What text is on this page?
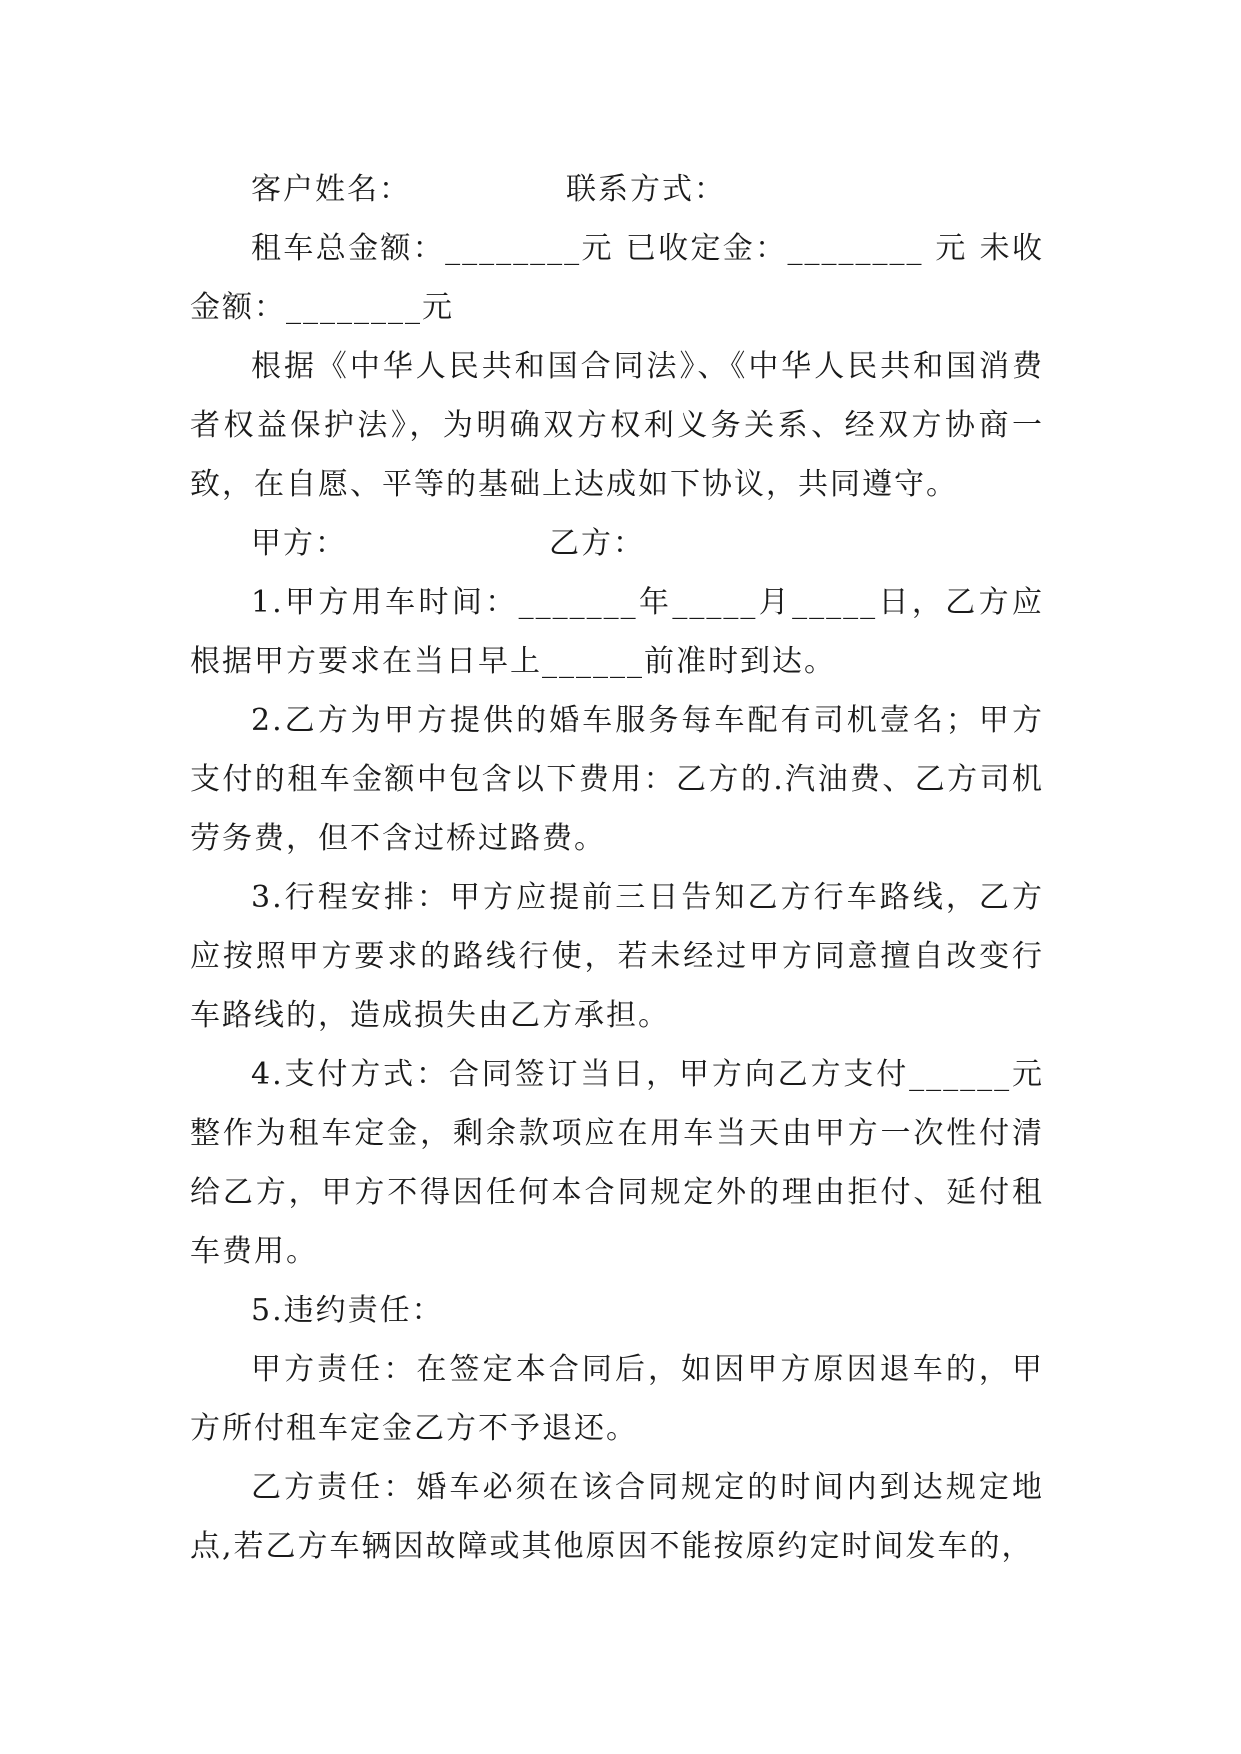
客户姓名：	联系方式：

租车总金额：________元 已收定金：________ 元 未收金额：________元

根据《中华人民共和国合同法》、《中华人民共和国消费者权益保护法》，为明确双方权利义务关系、经双方协商一致，在自愿、平等的基础上达成如下协议，共同遵守。

甲方：	乙方：

1.甲方用车时间：_______年_____月_____日，乙方应根据甲方要求在当日早上______前准时到达。

2.乙方为甲方提供的婚车服务每车配有司机壹名；甲方支付的租车金额中包含以下费用：乙方的.汽油费、乙方司机劳务费，但不含过桥过路费。

3.行程安排：甲方应提前三日告知乙方行车路线，乙方应按照甲方要求的路线行使，若未经过甲方同意擅自改变行车路线的，造成损失由乙方承担。

4.支付方式：合同签订当日，甲方向乙方支付______元整作为租车定金，剩余款项应在用车当天由甲方一次性付清给乙方，甲方不得因任何本合同规定外的理由拒付、延付租车费用。

5.违约责任：

甲方责任：在签定本合同后，如因甲方原因退车的，甲方所付租车定金乙方不予退还。

乙方责任：婚车必须在该合同规定的时间内到达规定地点,若乙方车辆因故障或其他原因不能按原约定时间发车的，
